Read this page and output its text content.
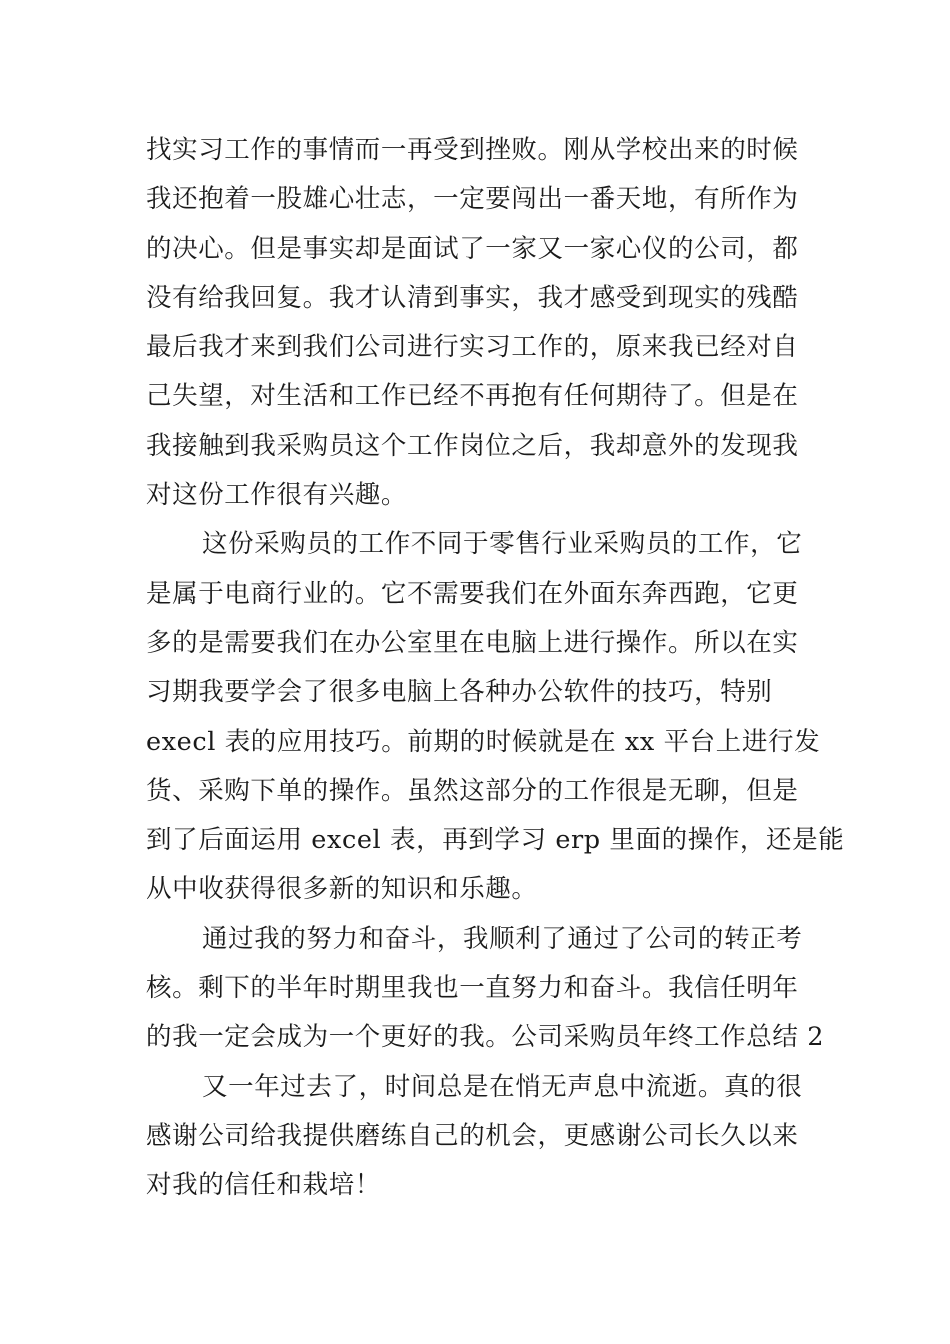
找实习工作的事情而一再受到挫败。刚从学校出来的时候
我还抱着一股雄心壮志，一定要闯出一番天地，有所作为
的决心。但是事实却是面试了一家又一家心仪的公司，都
没有给我回复。我才认清到事实，我才感受到现实的残酷
最后我才来到我们公司进行实习工作的，原来我已经对自
己失望，对生活和工作已经不再抱有任何期待了。但是在
我接触到我采购员这个工作岗位之后，我却意外的发现我
对这份工作很有兴趣。
这份采购员的工作不同于零售行业采购员的工作，它
是属于电商行业的。它不需要我们在外面东奔西跑，它更
多的是需要我们在办公室里在电脑上进行操作。所以在实
习期我要学会了很多电脑上各种办公软件的技巧，特别
execl 表的应用技巧。前期的时候就是在 xx 平台上进行发
货、采购下单的操作。虽然这部分的工作很是无聊，但是
到了后面运用 excel 表，再到学习 erp 里面的操作，还是能
从中收获得很多新的知识和乐趣。
通过我的努力和奋斗，我顺利了通过了公司的转正考
核。剩下的半年时期里我也一直努力和奋斗。我信任明年
的我一定会成为一个更好的我。公司采购员年终工作总结 2
又一年过去了，时间总是在悄无声息中流逝。真的很
感谢公司给我提供磨练自己的机会，更感谢公司长久以来
对我的信任和栽培！
